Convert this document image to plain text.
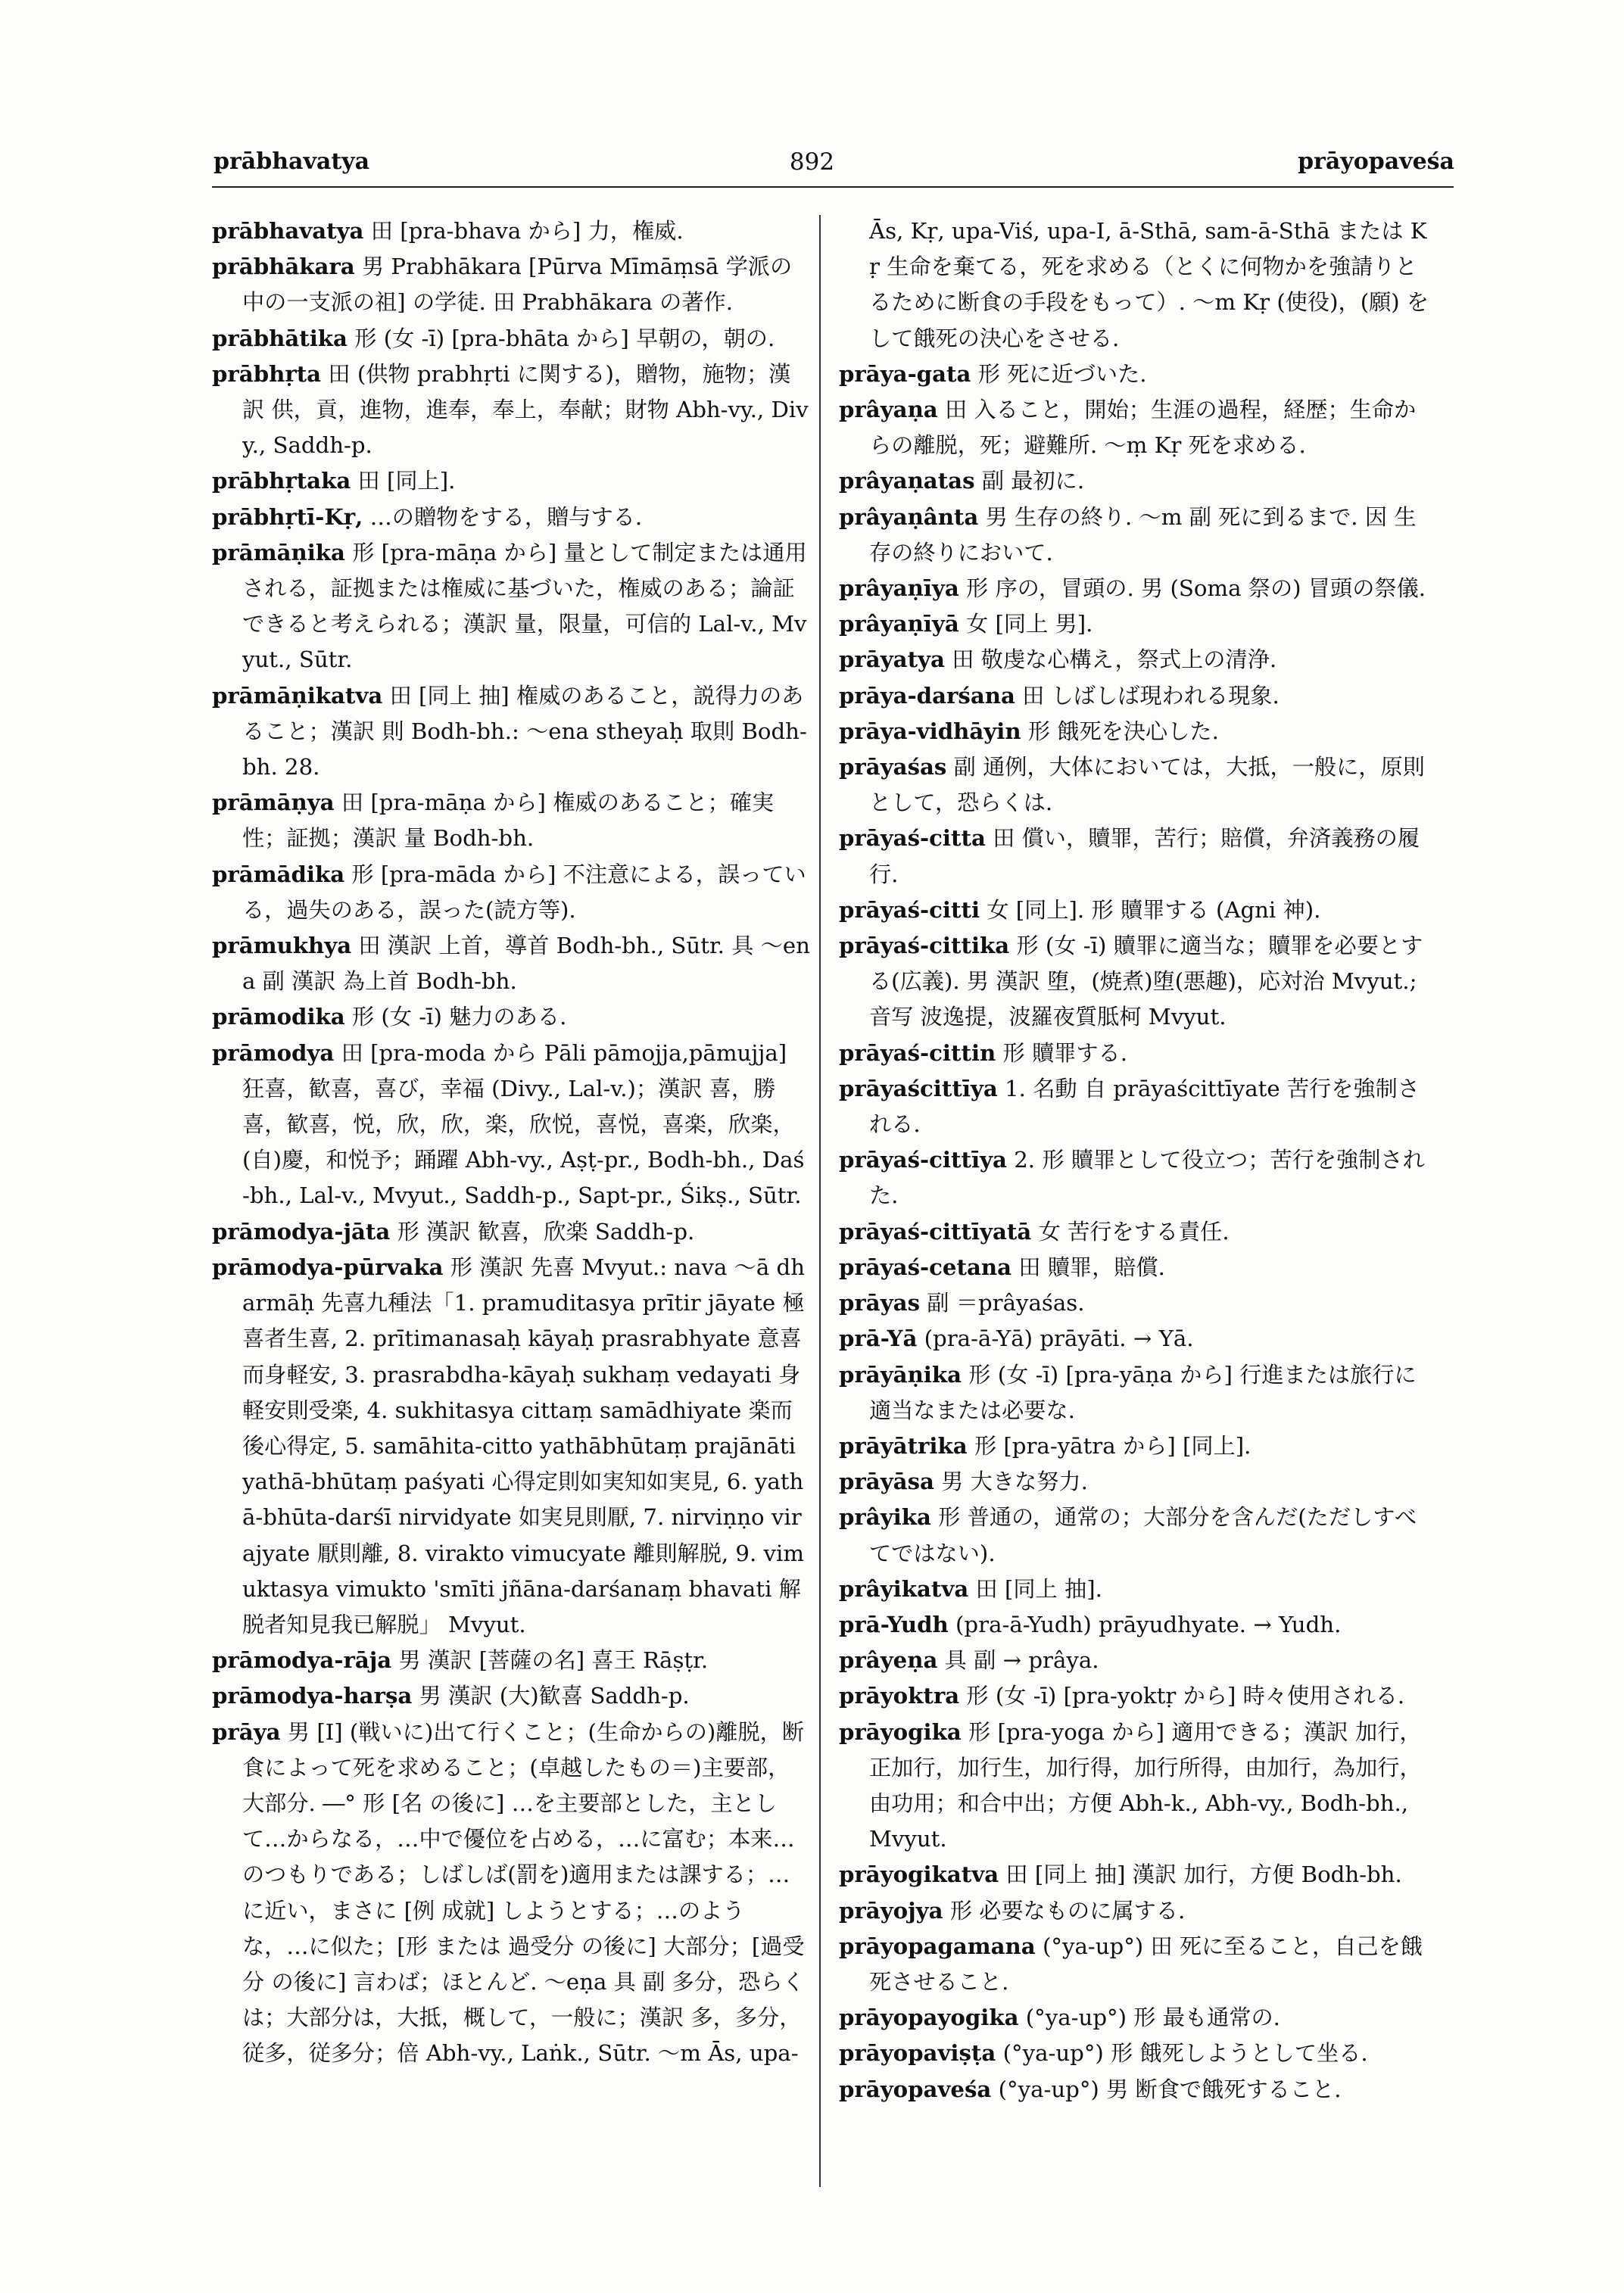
prābhavatya	892	prāyopaveśa
prābhavatya 田 [pra-bhava から] 力，権威.
prābhākara 男 Prabhākara [Pūrva Mīmāṃsā 学派の中の一支派の祖] の学徒. 田 Prabhākara の著作.
prābhātika 形 (女 -ī) [pra-bhāta から] 早朝の，朝の.
prābhṛta 田 (供物 prabhṛti に関する)，贈物，施物；漢訳 供，貢，進物，進奉，奉上，奉献；財物 Abh-vy., Divy., Saddh-p.
prābhṛtaka 田 [同上].
prābhṛtī-Kṛ, …の贈物をする，贈与する.
prāmāṇika 形 [pra-māṇa から] 量として制定または通用される，証拠または権威に基づいた，権威のある；論証できると考えられる；漢訳 量，限量，可信的 Lal-v., Mvyut., Sūtr.
prāmāṇikatva 田 [同上 抽] 権威のあること，説得力のあること；漢訳 則 Bodh-bh.: ～ena stheyaḥ 取則 Bodh-bh. 28.
prāmāṇya 田 [pra-māṇa から] 権威のあること；確実性；証拠；漢訳 量 Bodh-bh.
prāmādika 形 [pra-māda から] 不注意による，誤っている，過失のある，誤った(読方等).
prāmukhya 田 漢訳 上首，導首 Bodh-bh., Sūtr. 具 ～ena 副 漢訳 為上首 Bodh-bh.
prāmodika 形 (女 -ī) 魅力のある.
prāmodya 田 [pra-moda から Pāli pāmojja,pāmujja] 狂喜，歓喜，喜び，幸福 (Divy., Lal-v.)；漢訳 喜，勝喜，歓喜，悦，欣，欣，楽，欣悦，喜悦，喜楽，欣楽，(自)慶，和悦予；踊躍 Abh-vy., Aṣṭ-pr., Bodh-bh., Daś-bh., Lal-v., Mvyut., Saddh-p., Sapt-pr., Śikṣ., Sūtr.
prāmodya-jāta 形 漢訳 歓喜，欣楽 Saddh-p.
prāmodya-pūrvaka 形 漢訳 先喜 Mvyut.: nava ～ā dharmāḥ 先喜九種法「1. pramuditasya prītir jāyate 極喜者生喜, 2. prītimanasaḥ kāyaḥ prasrabhyate 意喜而身軽安, 3. prasrabdha-kāyaḥ sukhaṃ vedayati 身軽安則受楽, 4. sukhitasya cittaṃ samādhiyate 楽而後心得定, 5. samāhita-citto yathābhūtaṃ prajānāti yathā-bhūtaṃ paśyati 心得定則如実知如実見, 6. yathā-bhūta-darśī nirvidyate 如実見則厭, 7. nirviṇṇo virajyate 厭則離, 8. virakto vimucyate 離則解脱, 9. vimuktasya vimukto 'smīti jñāna-darśanaṃ bhavati 解脱者知見我已解脱」 Mvyut.
prāmodya-rāja 男 漢訳 [菩薩の名] 喜王 Rāṣṭr.
prāmodya-harṣa 男 漢訳 (大)歓喜 Saddh-p.
prāya 男 [I] (戦いに)出て行くこと；(生命からの)離脱，断食によって死を求めること；(卓越したもの＝)主要部，大部分. ―° 形 [名 の後に] …を主要部とした，主として…からなる，…中で優位を占める，…に富む；本来…のつもりである；しばしば(罰を)適用または課する；…に近い，まさに [例 成就] しようとする；…のような，…に似た；[形 または 過受分 の後に] 大部分；[過受分 の後に] 言わば；ほとんど. ～eṇa 具 副 多分，恐らくは；大部分は，大抵，概して，一般に；漢訳 多，多分，従多，従多分；倍 Abh-vy., Laṅk., Sūtr. ～m Ās, upa-
Ās, Kṛ, upa-Viś, upa-I, ā-Sthā, sam-ā-Sthā または Kṛ 生命を棄てる，死を求める（とくに何物かを強請りとるために断食の手段をもって）. ～m Kṛ (使役)，(願) をして餓死の決心をさせる.
prāya-gata 形 死に近づいた.
prâyaṇa 田 入ること，開始；生涯の過程，経歴；生命からの離脱，死；避難所. ～ṃ Kṛ 死を求める.
prâyaṇatas 副 最初に.
prâyaṇânta 男 生存の終り. ～m 副 死に到るまで. 因 生存の終りにおいて.
prâyaṇīya 形 序の，冒頭の. 男 (Soma 祭の) 冒頭の祭儀.
prâyaṇīyā 女 [同上 男].
prāyatya 田 敬虔な心構え，祭式上の清浄.
prāya-darśana 田 しばしば現われる現象.
prāya-vidhāyin 形 餓死を決心した.
prāyaśas 副 通例，大体においては，大抵，一般に，原則として，恐らくは.
prāyaś-citta 田 償い，贖罪，苦行；賠償，弁済義務の履行.
prāyaś-citti 女 [同上]. 形 贖罪する (Agni 神).
prāyaś-cittika 形 (女 -ī) 贖罪に適当な；贖罪を必要とする(広義). 男 漢訳 堕，(焼煮)堕(悪趣)，応対治 Mvyut.; 音写 波逸提，波羅夜質胝柯 Mvyut.
prāyaś-cittin 形 贖罪する.
prāyaścittīya 1. 名動 自 prāyaścittīyate 苦行を強制される.
prāyaś-cittīya 2. 形 贖罪として役立つ；苦行を強制された.
prāyaś-cittīyatā 女 苦行をする責任.
prāyaś-cetana 田 贖罪，賠償.
prāyas 副 ＝prâyaśas.
prā-Yā (pra-ā-Yā) prāyāti. → Yā.
prāyāṇika 形 (女 -ī) [pra-yāṇa から] 行進または旅行に適当なまたは必要な.
prāyātrika 形 [pra-yātra から] [同上].
prāyāsa 男 大きな努力.
prâyika 形 普通の，通常の；大部分を含んだ(ただしすべてではない).
prâyikatva 田 [同上 抽].
prā-Yudh (pra-ā-Yudh) prāyudhyate. → Yudh.
prâyeṇa 具 副 → prâya.
prāyoktra 形 (女 -ī) [pra-yoktṛ から] 時々使用される.
prāyogika 形 [pra-yoga から] 適用できる；漢訳 加行，正加行，加行生，加行得，加行所得，由加行，為加行，由功用；和合中出；方便 Abh-k., Abh-vy., Bodh-bh., Mvyut.
prāyogikatva 田 [同上 抽] 漢訳 加行，方便 Bodh-bh.
prāyojya 形 必要なものに属する.
prāyopagamana (°ya-up°) 田 死に至ること，自己を餓死させること.
prāyopayogika (°ya-up°) 形 最も通常の.
prāyopaviṣṭa (°ya-up°) 形 餓死しようとして坐る.
prāyopaveśa (°ya-up°) 男 断食で餓死すること.
